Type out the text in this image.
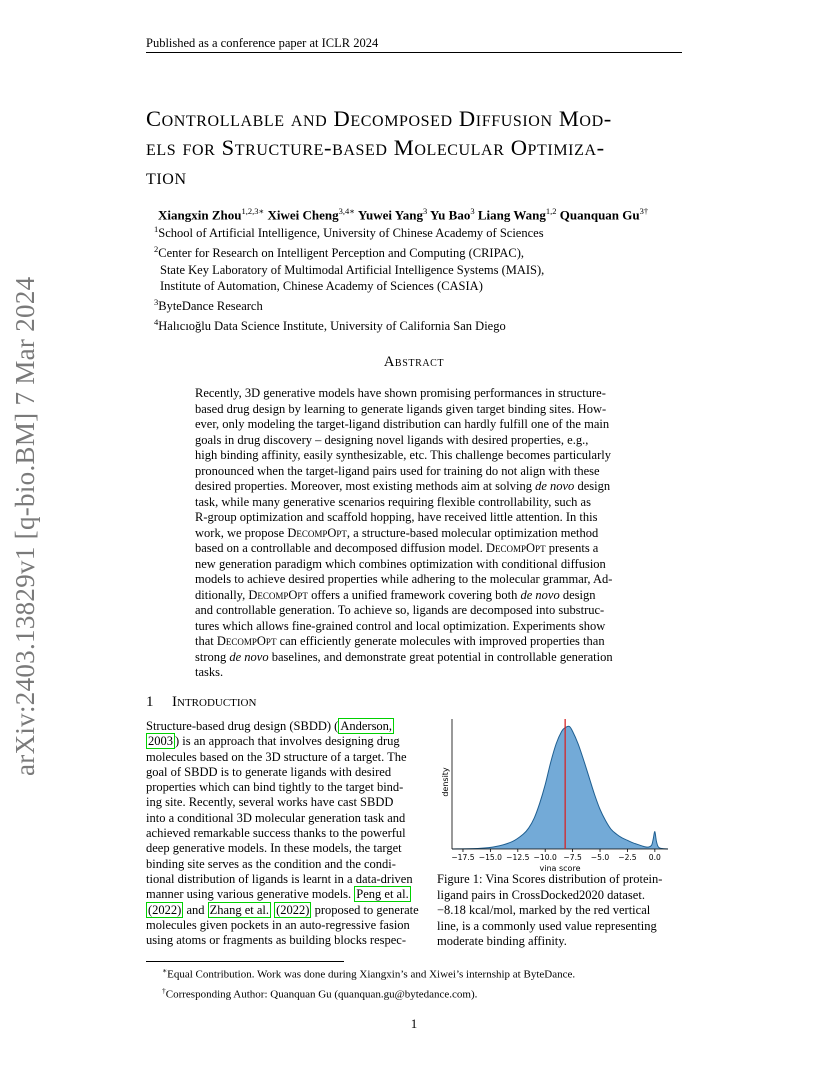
Published as a conference paper at ICLR 2024
arXiv:2403.13829v1 [q-bio.BM] 7 Mar 2024
Controllable and Decomposed Diffusion Mod-
els for Structure-based Molecular Optimiza-
tion
Xiangxin Zhou$^{1,2,3∗}$ Xiwei Cheng$^{3,4∗}$ Yuwei Yang$^3$ Yu Bao$^3$ Liang Wang$^{1,2}$ Quanquan $Gu^{3\dagger}$
$^1$School of Artificial Intelligence, University of Chinese Academy of Sciences
$^2$Center for Research on Intelligent Perception and Computing (CRIPAC),
State Key Laboratory of Multimodal Artificial Intelligence Systems (MAIS),
Institute of Automation, Chinese Academy of Sciences (CASIA)
$^3$ByteDance Research
$^4$Halıcıoğlu Data Science Institute, University of California San Diego
Abstract

Recently, 3D generative models have shown promising performances in structure-

based drug design by learning to generate ligands given target binding sites. How-

ever, only modeling the target-ligand distribution can hardly fulfill one of the main

goals in drug discovery – designing novel ligands with desired properties, e.g.,

high binding affinity, easily synthesizable, etc. This challenge becomes particularly

pronounced when the target-ligand pairs used for training do not align with these

desired properties. Moreover, most existing methods aim at solving de novo design

task, while many generative scenarios requiring flexible controllability, such as

R-group optimization and scaffold hopping, have received little attention. In this

work, we propose DecompOpt, a structure-based molecular optimization method

based on a controllable and decomposed diffusion model. DecompOpt presents a

new generation paradigm which combines optimization with conditional diffusion

models to achieve desired properties while adhering to the molecular grammar, Ad-

ditionally, DecompOpt offers a unified framework covering both de novo design

and controllable generation. To achieve so, ligands are decomposed into substruc-

tures which allows fine-grained control and local optimization. Experiments show

that DecompOpt can efficiently generate molecules with improved properties than

strong de novo baselines, and demonstrate great potential in controllable generation

tasks.

1 Introduction

Structure-based drug design (SBDD) ( Anderson,

2003 ) is an approach that involves designing drug

molecules based on the 3D structure of a target. The

goal of SBDD is to generate ligands with desired

properties which can bind tightly to the target bind-

ing site. Recently, several works have cast SBDD

into a conditional 3D molecular generation task and

achieved remarkable success thanks to the powerful

deep generative models. In these models, the target

binding site serves as the condition and the condi-

tional distribution of ligands is learnt in a data-driven

manner using various generative models. Peng et al.

(2022) and Zhang et al. (2022) proposed to generate

molecules given pockets in an auto-regressive fasion

using atoms or fragments as building blocks respec-

−17.5 −15.0 −12.5 −10.0 −7.5 −5.0 −2.5 0.0
vina score
density

Figure 1: Vina Scores distribution of protein-

ligand pairs in CrossDocked2020 dataset.

−8.18 kcal/mol, marked by the red vertical

line, is a commonly used value representing

moderate binding affinity.

∗Equal Contribution. Work was done during Xiangxin’s and Xiwei’s internship at ByteDance.
†Corresponding Author: Quanquan Gu (quanquan.gu@bytedance.com).
1
